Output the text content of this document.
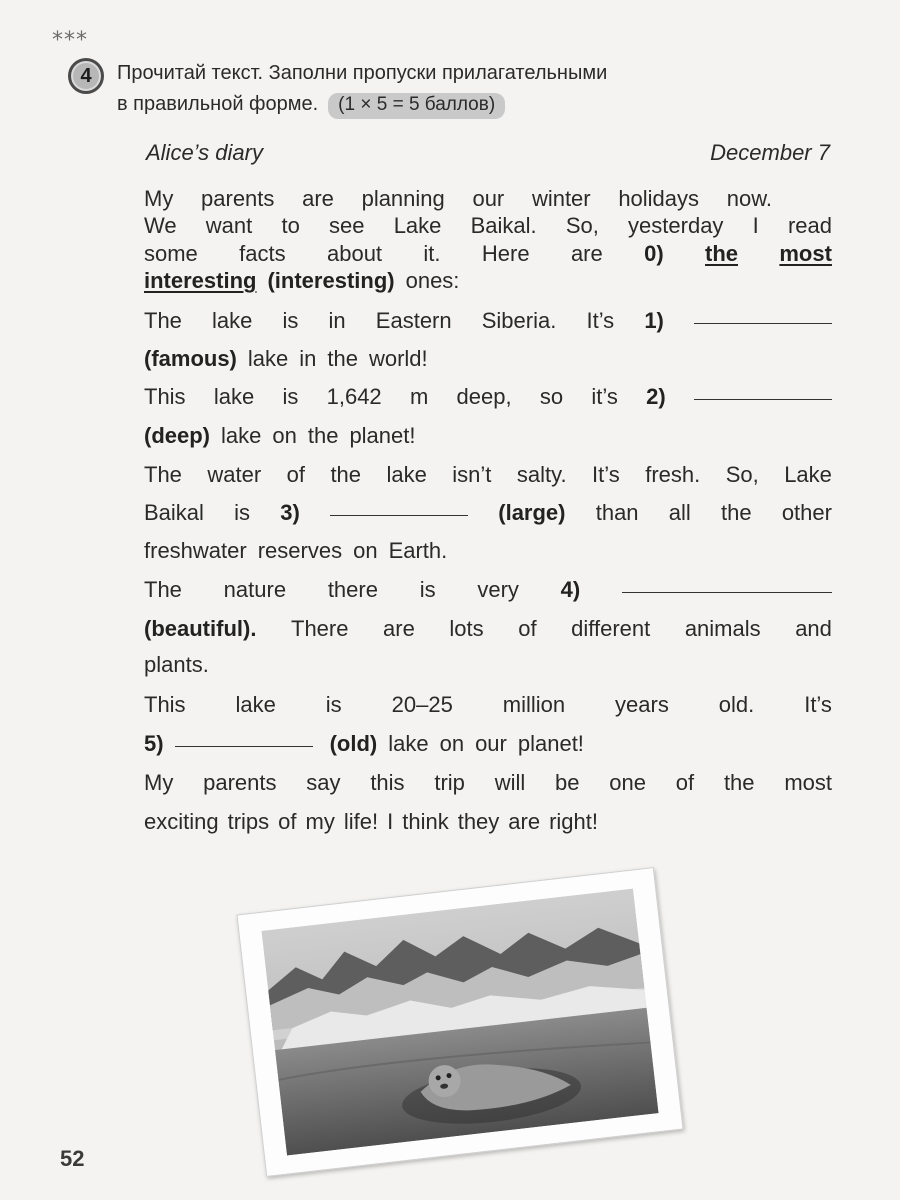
***
4	Прочитай текст. Заполни пропуски прилагательными
в правильной форме. (1 × 5 = 5 баллов)
Alice’s diary	December 7
My parents are planning our winter holidays now.
We want to see Lake Baikal. So, yesterday I read
some facts about it. Here are 0) the most
interesting (interesting) ones:
The lake is in Eastern Siberia. It’s 1)
(famous) lake in the world!
This lake is 1,642 m deep, so it’s 2)
(deep) lake on the planet!
The water of the lake isn’t salty. It’s fresh. So, Lake
Baikal is 3)	(large) than all the other
freshwater reserves on Earth.
The nature there is very 4)
(beautiful). There are lots of different animals and
plants.
This lake is 20–25 million years old. It’s
5)	(old) lake on our planet!
My parents say this trip will be one of the most
exciting trips of my life! I think they are right!
52
